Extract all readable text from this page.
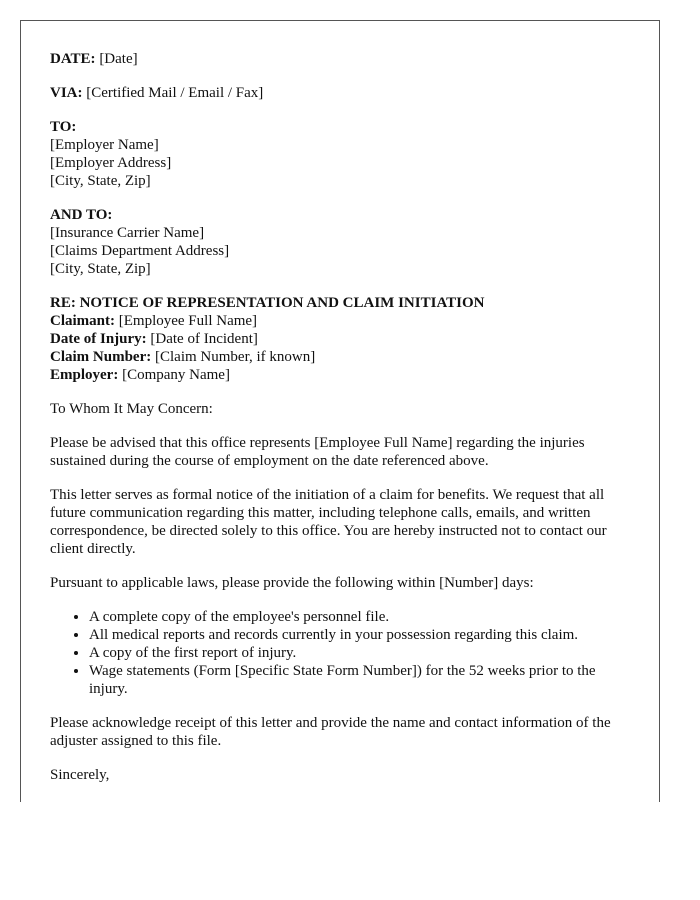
DATE: [Date]
VIA: [Certified Mail / Email / Fax]
TO:
[Employer Name]
[Employer Address]
[City, State, Zip]
AND TO:
[Insurance Carrier Name]
[Claims Department Address]
[City, State, Zip]
RE: NOTICE OF REPRESENTATION AND CLAIM INITIATION
Claimant: [Employee Full Name]
Date of Injury: [Date of Incident]
Claim Number: [Claim Number, if known]
Employer: [Company Name]
To Whom It May Concern:
Please be advised that this office represents [Employee Full Name] regarding the injuries sustained during the course of employment on the date referenced above.
This letter serves as formal notice of the initiation of a claim for benefits. We request that all future communication regarding this matter, including telephone calls, emails, and written correspondence, be directed solely to this office. You are hereby instructed not to contact our client directly.
Pursuant to applicable laws, please provide the following within [Number] days:
• A complete copy of the employee's personnel file.
• All medical reports and records currently in your possession regarding this claim.
• A copy of the first report of injury.
• Wage statements (Form [Specific State Form Number]) for the 52 weeks prior to the injury.
Please acknowledge receipt of this letter and provide the name and contact information of the adjuster assigned to this file.
Sincerely,
